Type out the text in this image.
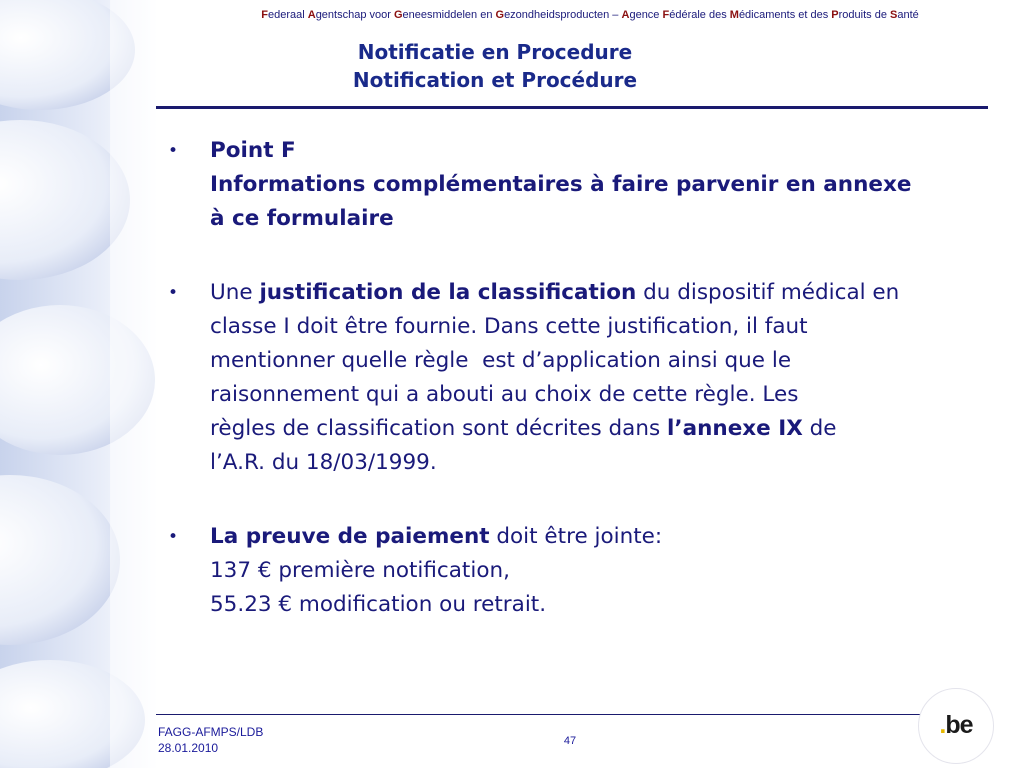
Federaal Agentschap voor Geneesmiddelen en Gezondheidsproducten – Agence Fédérale des Médicaments et des Produits de Santé
Notificatie en Procedure
Notification et Procédure
•	Point F
Informations complémentaires à faire parvenir en annexe
à ce formulaire
•	Une justification de la classification du dispositif médical en
classe I doit être fournie. Dans cette justification, il faut
mentionner quelle règle  est d’application ainsi que le
raisonnement qui a abouti au choix de cette règle. Les
règles de classification sont décrites dans l’annexe IX de
l’A.R. du 18/03/1999.
•	La preuve de paiement doit être jointe:
137 € première notification,
55.23 € modification ou retrait.
FAGG-AFMPS/LDB
28.01.2010	47
.be
